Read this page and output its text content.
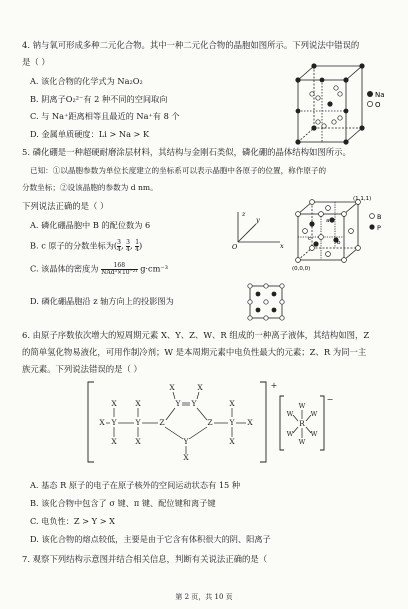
4. 钠与氧可形成多种二元化合物。其中一种二元化合物的晶胞如图所示。下列说法中错误的
是（ ）
A. 该化合物的化学式为 Na₂O₂
B. 阴离子O₂²⁻有 2 种不同的空间取向
C. 与 Na⁺距离相等且最近的 Na⁺有 8 个
D. 金属单质硬度：Li > Na > K
Na
O
5. 磷化硼是一种超硬耐磨涂层材料，其结构与金刚石类似，磷化硼的晶体结构如图所示。
已知：①以晶胞参数为单位长度建立的坐标系可以表示晶胞中各原子的位置，称作原子的
分数坐标；②设该晶胞的参数为 d nm。
下列说法正确的是（ ）
A. 磷化硼晶胞中 B 的配位数为 6
B. c 原子的分数坐标为( $\frac{3}{4}$ , $\frac{3}{4}$ , $\frac{1}{4}$ )
C. 该晶体的密度为 $\frac{168}{\text{NAd³×10⁻²¹}} g\cdot cm^{-3}$
D. 磷化硼晶胞沿 z 轴方向上的投影图为
z
y
x
O
a
b
c
(1,1,1)
(0,0,0)
B
P
6. 由原子序数依次增大的短周期元素 X、Y、Z、W、R 组成的一种离子液体，其结构如图，Z
的简单氢化物易液化，可用作制冷剂；W 是本周期元素中电负性最大的元素；Z、R 为同一主
族元素。下列说法错误的是（ ）
X
X
X Y
X
X
Y	Z
Y Y
X	X
Y
X
Z Y
X
X
X
+
−
R
W
W
W	W
W	W
A. 基态 R 原子的电子在原子核外的空间运动状态有 15 种
B. 该化合物中包含了 σ 键、π 键、配位键和离子键
C. 电负性：Z > Y > X
D. 该化合物的熔点较低，主要是由于它含有体积很大的阴、阳离子
7. 观察下列结构示意图并结合相关信息，判断有关说法正确的是（
第 2 页，共 10 页
